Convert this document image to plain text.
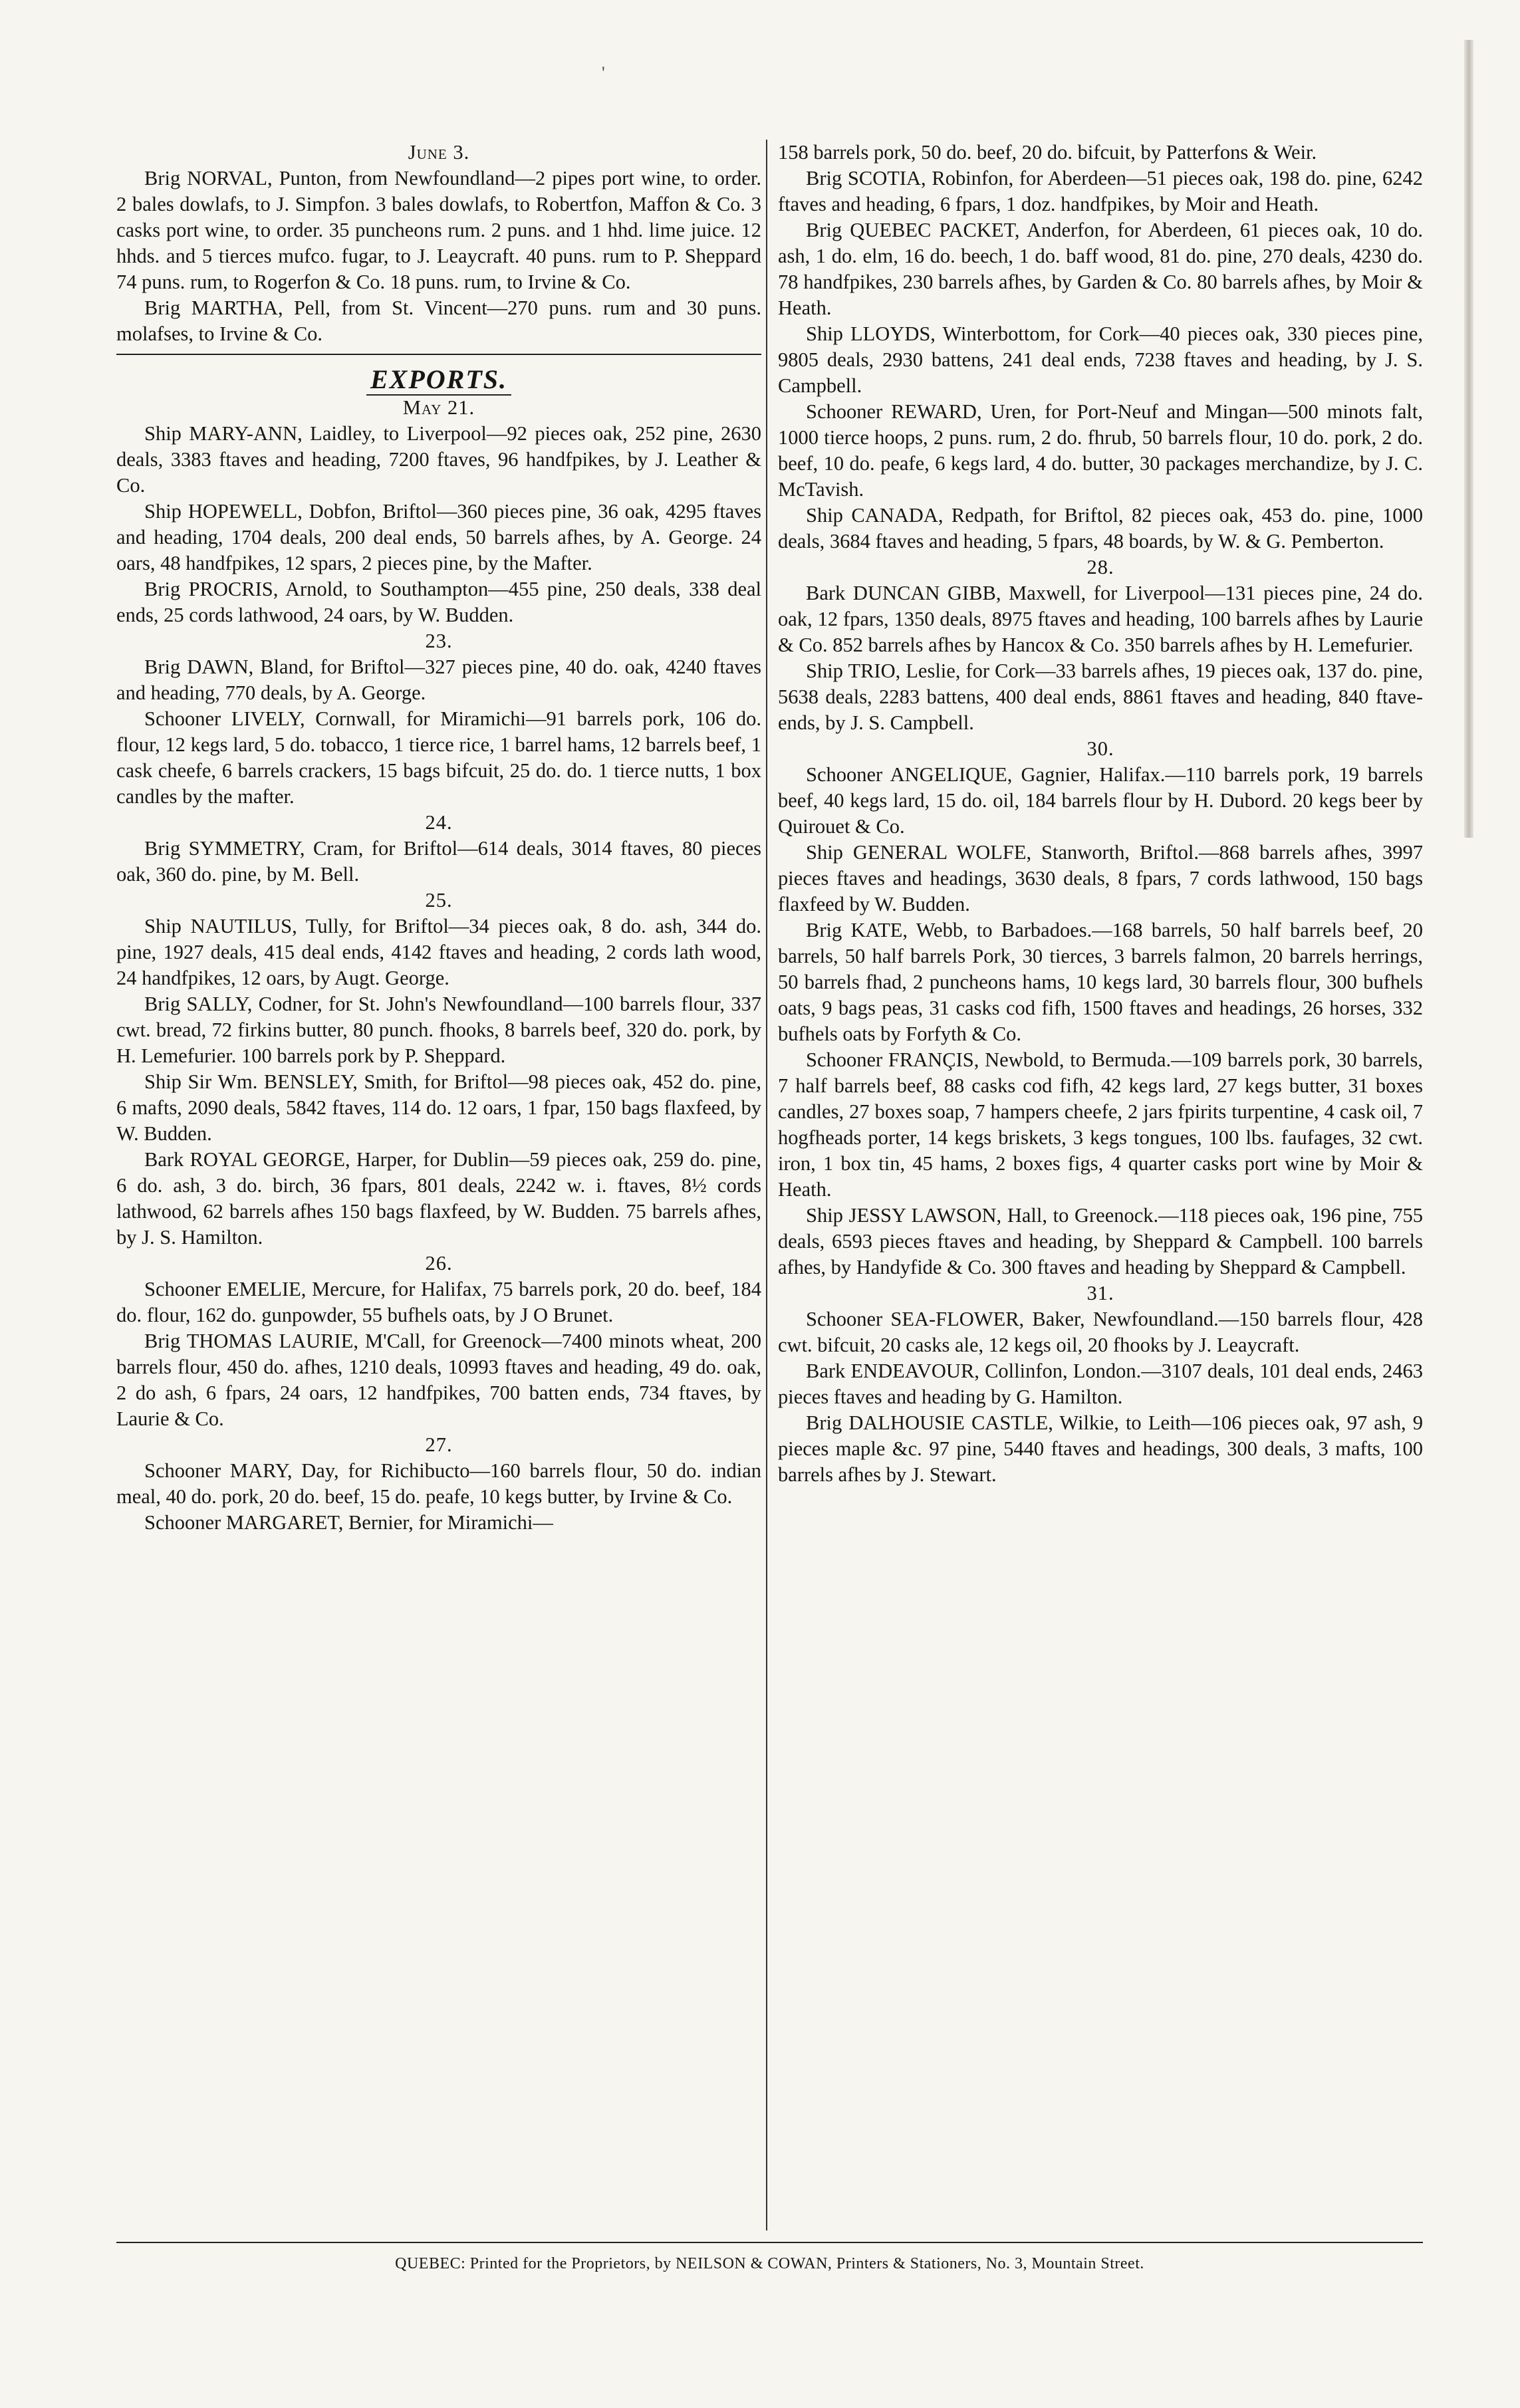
'

June 3.

Brig NORVAL, Punton, from Newfoundland—2 pipes port wine, to order. 2 bales dowlafs, to J. Simpfon. 3 bales dowlafs, to Robertfon, Maffon & Co. 3 casks port wine, to order. 35 puncheons rum. 2 puns. and 1 hhd. lime juice. 12 hhds. and 5 tierces mufco. fugar, to J. Leaycraft. 40 puns. rum to P. Sheppard 74 puns. rum, to Rogerfon & Co. 18 puns. rum, to Irvine & Co.

Brig MARTHA, Pell, from St. Vincent—270 puns. rum and 30 puns. molafses, to Irvine & Co.

EXPORTS.

May 21.

Ship MARY-ANN, Laidley, to Liverpool—92 pieces oak, 252 pine, 2630 deals, 3383 ftaves and heading, 7200 ftaves, 96 handfpikes, by J. Leather & Co.

Ship HOPEWELL, Dobfon, Briftol—360 pieces pine, 36 oak, 4295 ftaves and heading, 1704 deals, 200 deal ends, 50 barrels afhes, by A. George. 24 oars, 48 handfpikes, 12 spars, 2 pieces pine, by the Mafter.

Brig PROCRIS, Arnold, to Southampton—455 pine, 250 deals, 338 deal ends, 25 cords lathwood, 24 oars, by W. Budden.

23.

Brig DAWN, Bland, for Briftol—327 pieces pine, 40 do. oak, 4240 ftaves and heading, 770 deals, by A. George.

Schooner LIVELY, Cornwall, for Miramichi—91 barrels pork, 106 do. flour, 12 kegs lard, 5 do. tobacco, 1 tierce rice, 1 barrel hams, 12 barrels beef, 1 cask cheefe, 6 barrels crackers, 15 bags bifcuit, 25 do. do. 1 tierce nutts, 1 box candles by the mafter.

24.

Brig SYMMETRY, Cram, for Briftol—614 deals, 3014 ftaves, 80 pieces oak, 360 do. pine, by M. Bell.

25.

Ship NAUTILUS, Tully, for Briftol—34 pieces oak, 8 do. ash, 344 do. pine, 1927 deals, 415 deal ends, 4142 ftaves and heading, 2 cords lath wood, 24 handfpikes, 12 oars, by Augt. George.

Brig SALLY, Codner, for St. John's Newfoundland—100 barrels flour, 337 cwt. bread, 72 firkins butter, 80 punch. fhooks, 8 barrels beef, 320 do. pork, by H. Lemefurier. 100 barrels pork by P. Sheppard.

Ship Sir Wm. BENSLEY, Smith, for Briftol—98 pieces oak, 452 do. pine, 6 mafts, 2090 deals, 5842 ftaves, 114 do. 12 oars, 1 fpar, 150 bags flaxfeed, by W. Budden.

Bark ROYAL GEORGE, Harper, for Dublin—59 pieces oak, 259 do. pine, 6 do. ash, 3 do. birch, 36 fpars, 801 deals, 2242 w. i. ftaves, 8½ cords lathwood, 62 barrels afhes 150 bags flaxfeed, by W. Budden. 75 barrels afhes, by J. S. Hamilton.

26.

Schooner EMELIE, Mercure, for Halifax, 75 barrels pork, 20 do. beef, 184 do. flour, 162 do. gunpowder, 55 bufhels oats, by J O Brunet.

Brig THOMAS LAURIE, M'Call, for Greenock—7400 minots wheat, 200 barrels flour, 450 do. afhes, 1210 deals, 10993 ftaves and heading, 49 do. oak, 2 do ash, 6 fpars, 24 oars, 12 handfpikes, 700 batten ends, 734 ftaves, by Laurie & Co.

27.

Schooner MARY, Day, for Richibucto—160 barrels flour, 50 do. indian meal, 40 do. pork, 20 do. beef, 15 do. peafe, 10 kegs butter, by Irvine & Co.

Schooner MARGARET, Bernier, for Miramichi—

158 barrels pork, 50 do. beef, 20 do. bifcuit, by Patterfons & Weir.

Brig SCOTIA, Robinfon, for Aberdeen—51 pieces oak, 198 do. pine, 6242 ftaves and heading, 6 fpars, 1 doz. handfpikes, by Moir and Heath.

Brig QUEBEC PACKET, Anderfon, for Aberdeen, 61 pieces oak, 10 do. ash, 1 do. elm, 16 do. beech, 1 do. baff wood, 81 do. pine, 270 deals, 4230 do. 78 handfpikes, 230 barrels afhes, by Garden & Co. 80 barrels afhes, by Moir & Heath.

Ship LLOYDS, Winterbottom, for Cork—40 pieces oak, 330 pieces pine, 9805 deals, 2930 battens, 241 deal ends, 7238 ftaves and heading, by J. S. Campbell.

Schooner REWARD, Uren, for Port-Neuf and Mingan—500 minots falt, 1000 tierce hoops, 2 puns. rum, 2 do. fhrub, 50 barrels flour, 10 do. pork, 2 do. beef, 10 do. peafe, 6 kegs lard, 4 do. butter, 30 packages merchandize, by J. C. McTavish.

Ship CANADA, Redpath, for Briftol, 82 pieces oak, 453 do. pine, 1000 deals, 3684 ftaves and heading, 5 fpars, 48 boards, by W. & G. Pemberton.

28.

Bark DUNCAN GIBB, Maxwell, for Liverpool—131 pieces pine, 24 do. oak, 12 fpars, 1350 deals, 8975 ftaves and heading, 100 barrels afhes by Laurie & Co. 852 barrels afhes by Hancox & Co. 350 barrels afhes by H. Lemefurier.

Ship TRIO, Leslie, for Cork—33 barrels afhes, 19 pieces oak, 137 do. pine, 5638 deals, 2283 battens, 400 deal ends, 8861 ftaves and heading, 840 ftave-ends, by J. S. Campbell.

30.

Schooner ANGELIQUE, Gagnier, Halifax.—110 barrels pork, 19 barrels beef, 40 kegs lard, 15 do. oil, 184 barrels flour by H. Dubord. 20 kegs beer by Quirouet & Co.

Ship GENERAL WOLFE, Stanworth, Briftol.—868 barrels afhes, 3997 pieces ftaves and headings, 3630 deals, 8 fpars, 7 cords lathwood, 150 bags flaxfeed by W. Budden.

Brig KATE, Webb, to Barbadoes.—168 barrels, 50 half barrels beef, 20 barrels, 50 half barrels Pork, 30 tierces, 3 barrels falmon, 20 barrels herrings, 50 barrels fhad, 2 puncheons hams, 10 kegs lard, 30 barrels flour, 300 bufhels oats, 9 bags peas, 31 casks cod fifh, 1500 ftaves and headings, 26 horses, 332 bufhels oats by Forfyth & Co.

Schooner FRANÇIS, Newbold, to Bermuda.—109 barrels pork, 30 barrels, 7 half barrels beef, 88 casks cod fifh, 42 kegs lard, 27 kegs butter, 31 boxes candles, 27 boxes soap, 7 hampers cheefe, 2 jars fpirits turpentine, 4 cask oil, 7 hogfheads porter, 14 kegs briskets, 3 kegs tongues, 100 lbs. faufages, 32 cwt. iron, 1 box tin, 45 hams, 2 boxes figs, 4 quarter casks port wine by Moir & Heath.

Ship JESSY LAWSON, Hall, to Greenock.—118 pieces oak, 196 pine, 755 deals, 6593 pieces ftaves and heading, by Sheppard & Campbell. 100 barrels afhes, by Handyfide & Co. 300 ftaves and heading by Sheppard & Campbell.

31.

Schooner SEA-FLOWER, Baker, Newfoundland.—150 barrels flour, 428 cwt. bifcuit, 20 casks ale, 12 kegs oil, 20 fhooks by J. Leaycraft.

Bark ENDEAVOUR, Collinfon, London.—3107 deals, 101 deal ends, 2463 pieces ftaves and heading by G. Hamilton.

Brig DALHOUSIE CASTLE, Wilkie, to Leith—106 pieces oak, 97 ash, 9 pieces maple &c. 97 pine, 5440 ftaves and headings, 300 deals, 3 mafts, 100 barrels afhes by J. Stewart.

QUEBEC: Printed for the Proprietors, by NEILSON & COWAN, Printers & Stationers, No. 3, Mountain Street.
